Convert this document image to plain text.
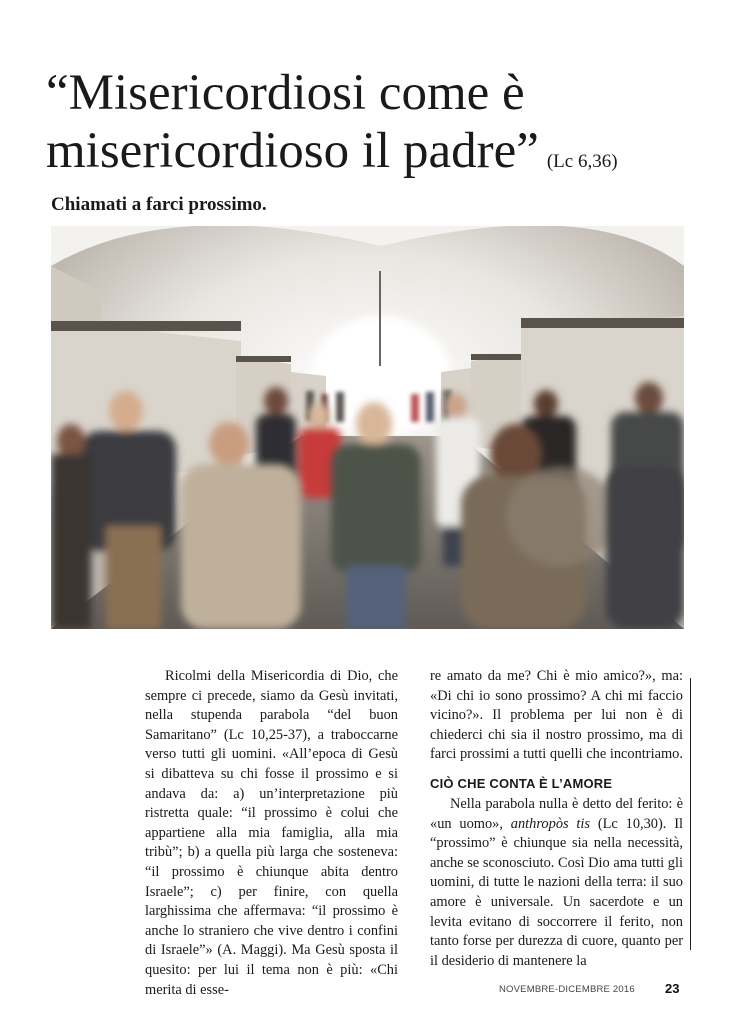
“Misericordiosi come è
misericordioso il padre” (Lc 6,36)
Chiamati a farci prossimo.

Ricolmi della Misericordia di Dio, che sempre ci precede, siamo da Gesù invitati, nella stupenda parabola “del buon Samaritano” (Lc 10,25-37), a traboccarne verso tutti gli uomini. «All’epoca di Gesù si dibatteva su chi fosse il prossimo e si andava da: a) un’interpretazione più ristretta quale: “il prossimo è colui che appartiene alla mia famiglia, alla mia tribù”; b) a quella più larga che sosteneva: “il prossimo è chiunque abita dentro Israele”; c) per finire, con quella larghissima che affermava: “il prossimo è anche lo straniero che vive dentro i confini di Israele”» (A. Maggi). Ma Gesù sposta il quesito: per lui il tema non è più: «Chi merita di esse-

re amato da me? Chi è mio amico?», ma: «Di chi io sono prossimo? A chi mi faccio vicino?». Il problema per lui non è di chiederci chi sia il nostro prossimo, ma di farci prossimi a tutti quelli che incontriamo.

CIÒ CHE CONTA È L’AMORE

Nella parabola nulla è detto del ferito: è «un uomo», anthropòs tis (Lc 10,30). Il “prossimo” è chiunque sia nella necessità, anche se sconosciuto. Così Dio ama tutti gli uomini, di tutte le nazioni della terra: il suo amore è universale. Un sacerdote e un levita evitano di soccorrere il ferito, non tanto forse per durezza di cuore, quanto per il desiderio di mantenere la

NOVEMBRE-DICEMBRE 2016 23
